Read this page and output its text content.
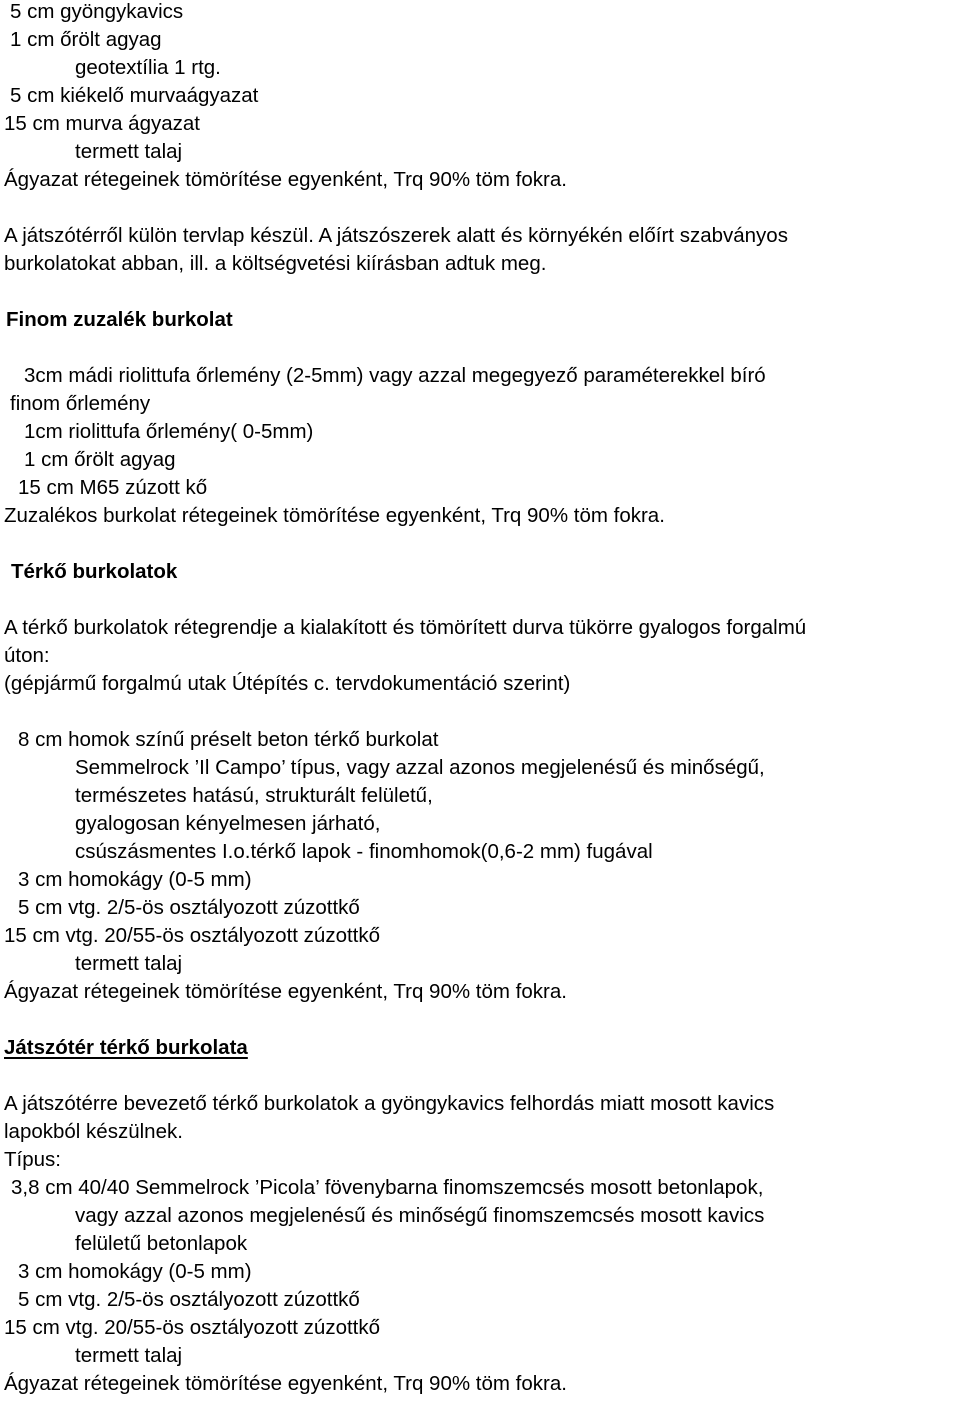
5 cm gyöngykavics
1 cm őrölt agyag
geotextília 1 rtg.
5 cm kiékelő murvaágyazat
15 cm murva ágyazat
termett talaj
Ágyazat rétegeinek tömörítése egyenként, Trq 90% töm fokra.
A játszótérről külön tervlap készül. A játszószerek alatt és környékén előírt szabványos
burkolatokat abban, ill. a költségvetési kiírásban adtuk meg.
Finom zuzalék burkolat
3cm mádi riolittufa őrlemény (2-5mm) vagy azzal megegyező paraméterekkel bíró
finom őrlemény
1cm riolittufa őrlemény( 0-5mm)
1 cm őrölt agyag
15 cm M65 zúzott kő
Zuzalékos burkolat rétegeinek tömörítése egyenként, Trq 90% töm fokra.
Térkő burkolatok
A térkő burkolatok rétegrendje a kialakított és tömörített durva tükörre gyalogos forgalmú
úton:
(gépjármű forgalmú utak Útépítés c. tervdokumentáció szerint)
8 cm homok színű préselt beton térkő burkolat
Semmelrock ’Il Campo’ típus, vagy azzal azonos megjelenésű és minőségű,
természetes hatású, strukturált felületű,
gyalogosan kényelmesen járható,
csúszásmentes I.o.térkő lapok - finomhomok(0,6-2 mm) fugával
3 cm homokágy (0-5 mm)
5 cm vtg. 2/5-ös osztályozott zúzottkő
15 cm vtg. 20/55-ös osztályozott zúzottkő
termett talaj
Ágyazat rétegeinek tömörítése egyenként, Trq 90% töm fokra.
Játszótér térkő burkolata
A játszótérre bevezető térkő burkolatok a gyöngykavics felhordás miatt mosott kavics
lapokból készülnek.
Típus:
3,8 cm 40/40 Semmelrock ’Picola’ fövenybarna finomszemcsés mosott betonlapok,
vagy azzal azonos megjelenésű és minőségű finomszemcsés mosott kavics
felületű betonlapok
3 cm homokágy (0-5 mm)
5 cm vtg. 2/5-ös osztályozott zúzottkő
15 cm vtg. 20/55-ös osztályozott zúzottkő
termett talaj
Ágyazat rétegeinek tömörítése egyenként, Trq 90% töm fokra.
